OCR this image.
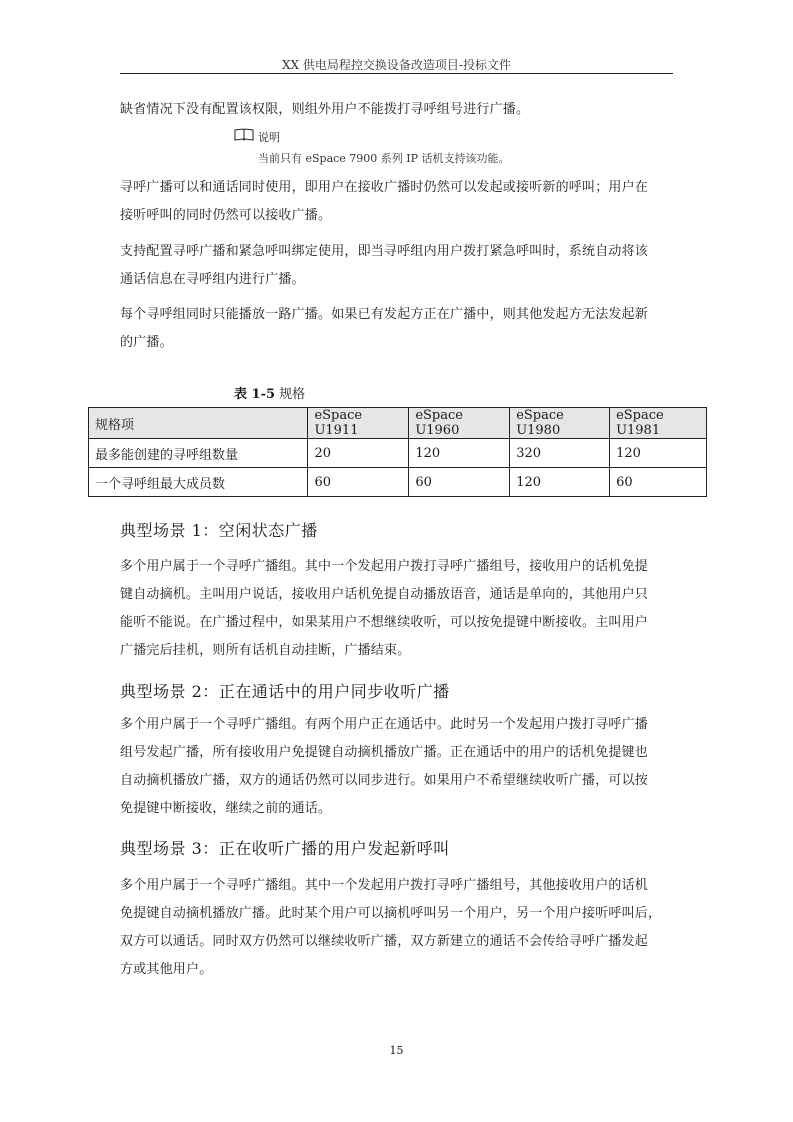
XX 供电局程控交换设备改造项目-投标文件
缺省情况下没有配置该权限，则组外用户不能拨打寻呼组号进行广播。
说明
当前只有 eSpace 7900 系列 IP 话机支持该功能。
寻呼广播可以和通话同时使用，即用户在接收广播时仍然可以发起或接听新的呼叫；用户在
接听呼叫的同时仍然可以接收广播。
支持配置寻呼广播和紧急呼叫绑定使用，即当寻呼组内用户拨打紧急呼叫时，系统自动将该
通话信息在寻呼组内进行广播。
每个寻呼组同时只能播放一路广播。如果已有发起方正在广播中，则其他发起方无法发起新
的广播。
表 1-5 规格
规格项	eSpace U1911	eSpace U1960	eSpace U1980	eSpace U1981
最多能创建的寻呼组数量	20	120	320	120
一个寻呼组最大成员数	60	60	120	60
典型场景 1：空闲状态广播
多个用户属于一个寻呼广播组。其中一个发起用户拨打寻呼广播组号，接收用户的话机免提
键自动摘机。主叫用户说话，接收用户话机免提自动播放语音，通话是单向的，其他用户只
能听不能说。在广播过程中，如果某用户不想继续收听，可以按免提键中断接收。主叫用户
广播完后挂机，则所有话机自动挂断，广播结束。
典型场景 2：正在通话中的用户同步收听广播
多个用户属于一个寻呼广播组。有两个用户正在通话中。此时另一个发起用户拨打寻呼广播
组号发起广播，所有接收用户免提键自动摘机播放广播。正在通话中的用户的话机免提键也
自动摘机播放广播，双方的通话仍然可以同步进行。如果用户不希望继续收听广播，可以按
免提键中断接收，继续之前的通话。
典型场景 3：正在收听广播的用户发起新呼叫
多个用户属于一个寻呼广播组。其中一个发起用户拨打寻呼广播组号，其他接收用户的话机
免提键自动摘机播放广播。此时某个用户可以摘机呼叫另一个用户，另一个用户接听呼叫后，
双方可以通话。同时双方仍然可以继续收听广播，双方新建立的通话不会传给寻呼广播发起
方或其他用户。
15
